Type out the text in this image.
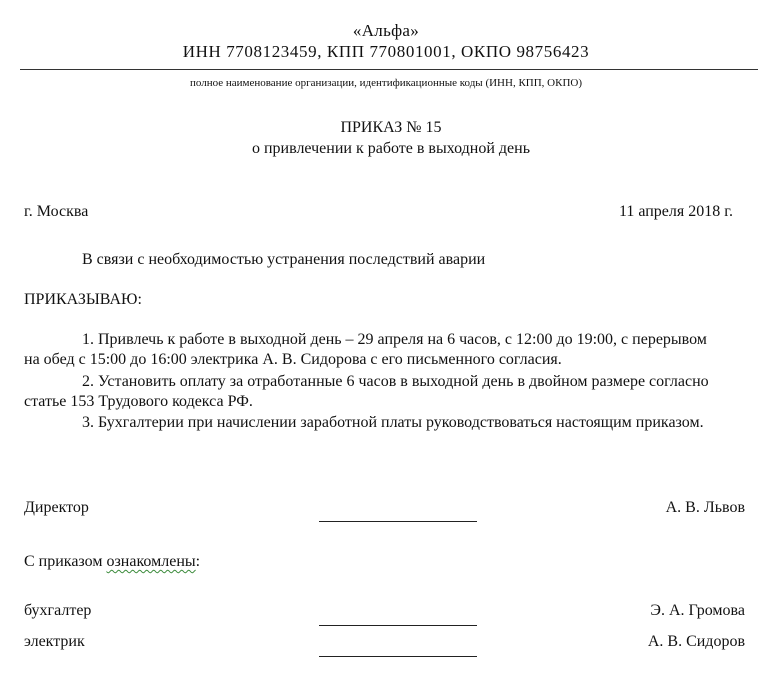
«Альфа»
ИНН 7708123459, КПП 770801001, ОКПО 98756423
полное наименование организации, идентификационные коды (ИНН, КПП, ОКПО)
ПРИКАЗ № 15
о привлечении к работе в выходной день
г. Москва	11 апреля 2018 г.
В связи с необходимостью устранения последствий аварии
ПРИКАЗЫВАЮ:
1. Привлечь к работе в выходной день – 29 апреля на 6 часов, с 12:00 до 19:00, с перерывом на обед с 15:00 до 16:00 электрика А. В. Сидорова с его письменного согласия.
2. Установить оплату за отработанные 6 часов в выходной день в двойном размере согласно статье 153 Трудового кодекса РФ.
3. Бухгалтерии при начислении заработной платы руководствоваться настоящим приказом.
Директор	А. В. Львов
С приказом ознакомлены:
бухгалтер	Э. А. Громова
электрик	А. В. Сидоров
